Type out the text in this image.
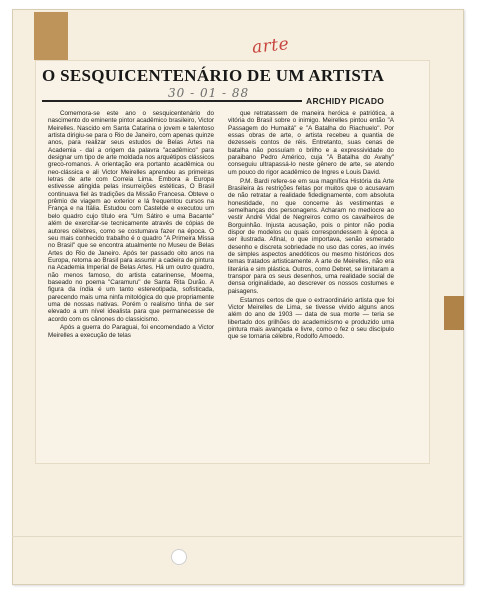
arte
O SESQUICENTENÁRIO DE UM ARTISTA
30 - 01 - 88
ARCHIDY PICADO

Comemora-se este ano o sesquicentenário do nascimento do eminente pintor acadêmico brasileiro, Victor Meirelles. Nascido em Santa Catarina o jovem e talentoso artista dirigiu-se para o Rio de Janeiro, com apenas quinze anos, para realizar seus estudos de Belas Artes na Academia - daí a origem da palavra "acadêmico" para designar um tipo de arte moldada nos arquétipos clássicos greco-romanos. A orientação era portanto acadêmica ou neo-clássica e ali Victor Meirelles aprendeu as primeiras letras de arte com Correia Lima. Embora a Europa estivesse atingida pelas insurreições estéticas, O Brasil continuava fiel às tradições da Missão Francesa. Obteve o prêmio de viagem ao exterior e lá frequentou cursos na França e na Itália. Estudou com Castelde e executou um belo quadro cujo título era "Um Sátiro e uma Bacante" além de exercitar-se tecnicamente através de cópias de autores célebres, como se costumava fazer na época. O seu mais conhecido trabalho é o quadro "A Primeira Missa no Brasil" que se encontra atualmente no Museu de Belas Artes do Rio de Janeiro. Após ter passado oito anos na Europa, retorna ao Brasil para assumir a cadeira de pintura na Academia Imperial de Belas Artes. Há um outro quadro, não menos famoso, do artista catarinense, Moema, baseado no poema "Caramuru" de Santa Rita Durão. A figura da índia é um tanto estereotipada, sofisticada, parecendo mais uma ninfa mitológica do que propriamente uma de nossas nativas. Porém o realismo tinha de ser elevado a um nível idealista para que permanecesse de acordo com os cânones do classicismo.

Após a guerra do Paraguai, foi encomendado a Victor Meirelles a execução de telas

que retratassem de maneira heróica e patriótica, a vitória do Brasil sobre o inimigo. Meirelles pintou então "A Passagem do Humaitá" e "A Batalha do Riachuelo". Por essas obras de arte, o artista recebeu a quantia de dezesseis contos de réis. Entretanto, suas cenas de batalha não possuíam o brilho e a expressividade do paraibano Pedro Américo, cuja "A Batalha do Avahy" conseguiu ultrapassá-lo neste gênero de arte, se atendo um pouco do rigor acadêmico de Ingres e Louis David.

P.M. Bardi refere-se em sua magnífica História da Arte Brasileira às restrições feitas por muitos que o acusavam de não retratar a realidade fidedignamente, com absoluta honestidade, no que concerne às vestimentas e semelhanças dos personagens. Acharam no medíocre ao vestir André Vidal de Negreiros como os cavalheiros de Borguinhão. Injusta acusação, pois o pintor não podia dispor de modelos ou quais correspondessem à época a ser ilustrada. Afinal, o que importava, senão esmerado desenho e discreta sobriedade no uso das cores, ao invés de simples aspectos anedóticos ou mesmo históricos dos temas tratados artisticamente. A arte de Meirelles, não era literária e sim plástica. Outros, como Debret, se limitaram a transpor para os seus desenhos, uma realidade social de densa originalidade, ao descrever os nossos costumes e paisagens.

Estamos certos de que o extraordinário artista que foi Victor Meirelles de Lima, se tivesse vivido alguns anos além do ano de 1903 — data de sua morte — teria se libertado dos grilhões do academicismo e produzido uma pintura mais avançada e livre, como o fez o seu discípulo que se tornaria célebre, Rodolfo Amoedo.
